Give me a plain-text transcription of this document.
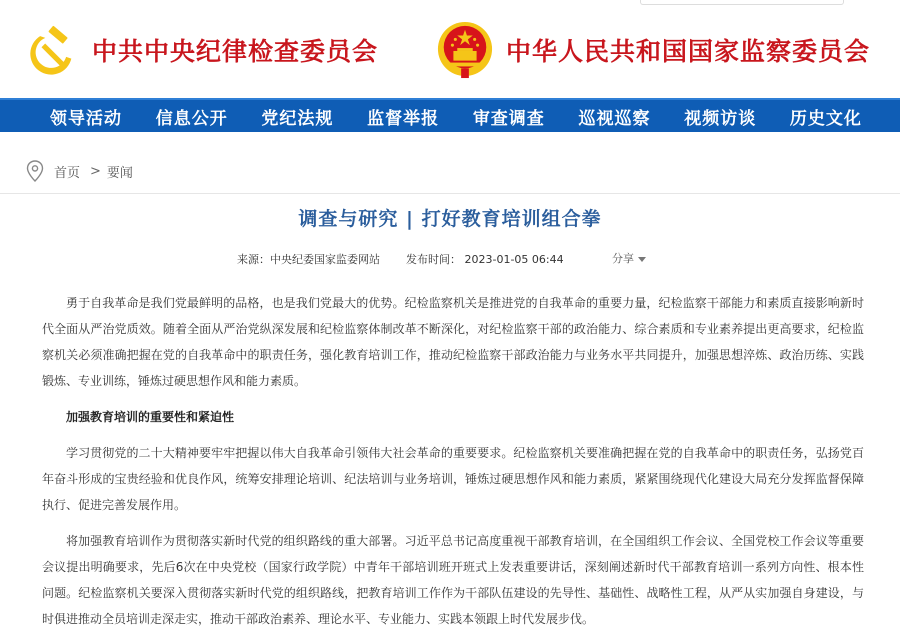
中共中央纪律检查委员会	中华人民共和国国家监察委员会
领导活动 信息公开 党纪法规 监督举报 审查调查 巡视巡察 视频访谈 历史文化
首页 > 要闻
调查与研究 | 打好教育培训组合拳
来源：中央纪委国家监委网站 发布时间： 2023-01-05 06:44	分享

勇于自我革命是我们党最鲜明的品格，也是我们党最大的优势。纪检监察机关是推进党的自我革命的重要力量，纪检监察干部能力和素质直接影响新时代全面从严治党质效。随着全面从严治党纵深发展和纪检监察体制改革不断深化，对纪检监察干部的政治能力、综合素质和专业素养提出更高要求，纪检监察机关必须准确把握在党的自我革命中的职责任务，强化教育培训工作，推动纪检监察干部政治能力与业务水平共同提升，加强思想淬炼、政治历练、实践锻炼、专业训练，锤炼过硬思想作风和能力素质。

加强教育培训的重要性和紧迫性

学习贯彻党的二十大精神要牢牢把握以伟大自我革命引领伟大社会革命的重要要求。纪检监察机关要准确把握在党的自我革命中的职责任务，弘扬党百年奋斗形成的宝贵经验和优良作风，统筹安排理论培训、纪法培训与业务培训，锤炼过硬思想作风和能力素质，紧紧围绕现代化建设大局充分发挥监督保障执行、促进完善发展作用。

将加强教育培训作为贯彻落实新时代党的组织路线的重大部署。习近平总书记高度重视干部教育培训，在全国组织工作会议、全国党校工作会议等重要会议提出明确要求，先后6次在中央党校（国家行政学院）中青年干部培训班开班式上发表重要讲话，深刻阐述新时代干部教育培训一系列方向性、根本性问题。纪检监察机关要深入贯彻落实新时代党的组织路线，把教育培训工作作为干部队伍建设的先导性、基础性、战略性工程，从严从实加强自身建设，与时俱进推动全员培训走深走实，推动干部政治素养、理论水平、专业能力、实践本领跟上时代发展步伐。
